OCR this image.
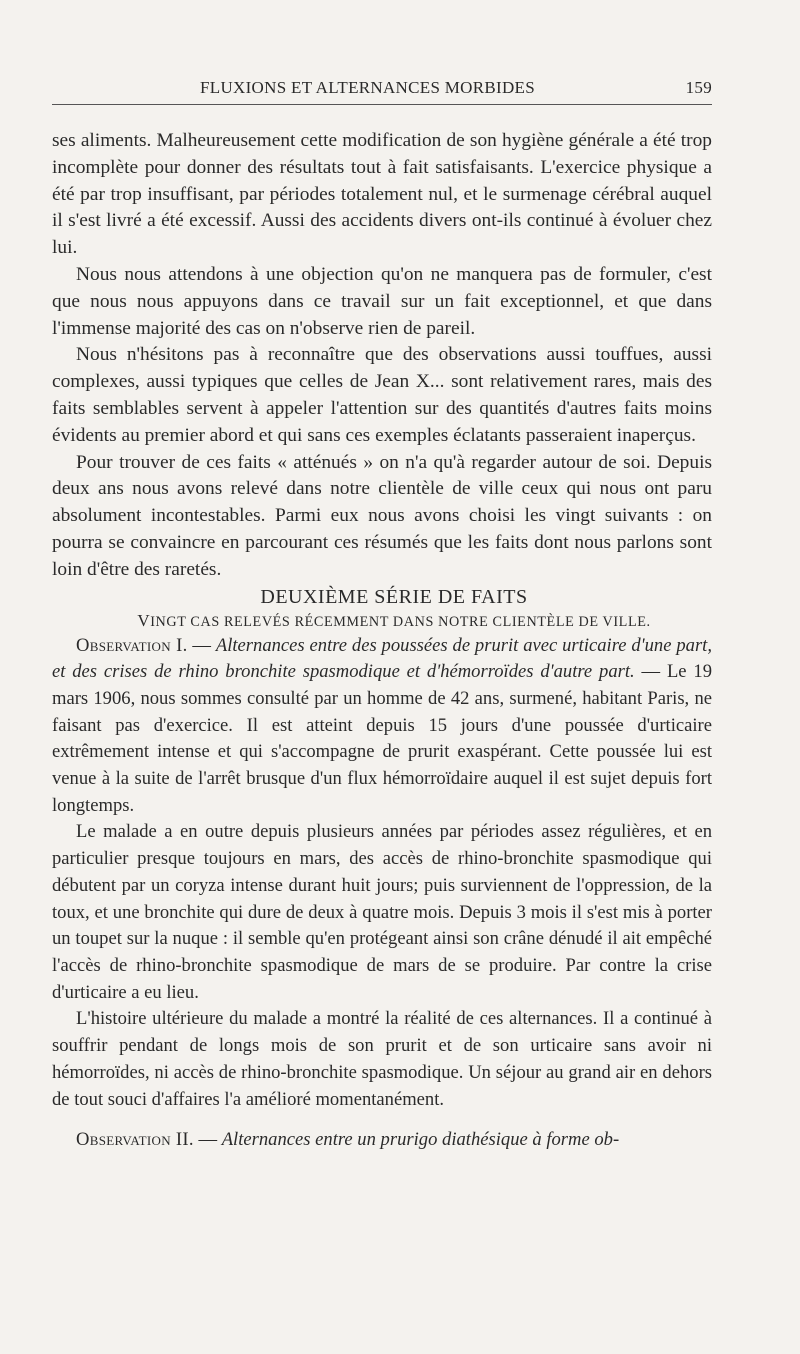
FLUXIONS ET ALTERNANCES MORBIDES	159

ses aliments. Malheureusement cette modification de son hygiène générale a été trop incomplète pour donner des résultats tout à fait satisfaisants. L'exercice physique a été par trop insuffisant, par périodes totalement nul, et le surmenage cérébral auquel il s'est livré a été excessif. Aussi des accidents divers ont-ils continué à évoluer chez lui.

Nous nous attendons à une objection qu'on ne manquera pas de formuler, c'est que nous nous appuyons dans ce travail sur un fait exceptionnel, et que dans l'immense majorité des cas on n'observe rien de pareil.

Nous n'hésitons pas à reconnaître que des observations aussi touffues, aussi complexes, aussi typiques que celles de Jean X... sont relativement rares, mais des faits semblables servent à appeler l'attention sur des quantités d'autres faits moins évidents au premier abord et qui sans ces exemples éclatants passeraient inaperçus.

Pour trouver de ces faits « atténués » on n'a qu'à regarder autour de soi. Depuis deux ans nous avons relevé dans notre clientèle de ville ceux qui nous ont paru absolument incontestables. Parmi eux nous avons choisi les vingt suivants : on pourra se convaincre en parcourant ces résumés que les faits dont nous parlons sont loin d'être des raretés.

DEUXIÈME SÉRIE DE FAITS

VINGT CAS RELEVÉS RÉCEMMENT DANS NOTRE CLIENTÈLE DE VILLE.

Observation I. — Alternances entre des poussées de prurit avec urticaire d'une part, et des crises de rhino bronchite spasmodique et d'hémorroïdes d'autre part. — Le 19 mars 1906, nous sommes consulté par un homme de 42 ans, surmené, habitant Paris, ne faisant pas d'exercice. Il est atteint depuis 15 jours d'une poussée d'urticaire extrêmement intense et qui s'accompagne de prurit exaspérant. Cette poussée lui est venue à la suite de l'arrêt brusque d'un flux hémorroïdaire auquel il est sujet depuis fort longtemps.

Le malade a en outre depuis plusieurs années par périodes assez régulières, et en particulier presque toujours en mars, des accès de rhino-bronchite spasmodique qui débutent par un coryza intense durant huit jours; puis surviennent de l'oppression, de la toux, et une bronchite qui dure de deux à quatre mois. Depuis 3 mois il s'est mis à porter un toupet sur la nuque : il semble qu'en protégeant ainsi son crâne dénudé il ait empêché l'accès de rhino-bronchite spasmodique de mars de se produire. Par contre la crise d'urticaire a eu lieu.

L'histoire ultérieure du malade a montré la réalité de ces alternances. Il a continué à souffrir pendant de longs mois de son prurit et de son urticaire sans avoir ni hémorroïdes, ni accès de rhino-bronchite spasmodique. Un séjour au grand air en dehors de tout souci d'affaires l'a amélioré momentanément.

Observation II. — Alternances entre un prurigo diathésique à forme ob-
